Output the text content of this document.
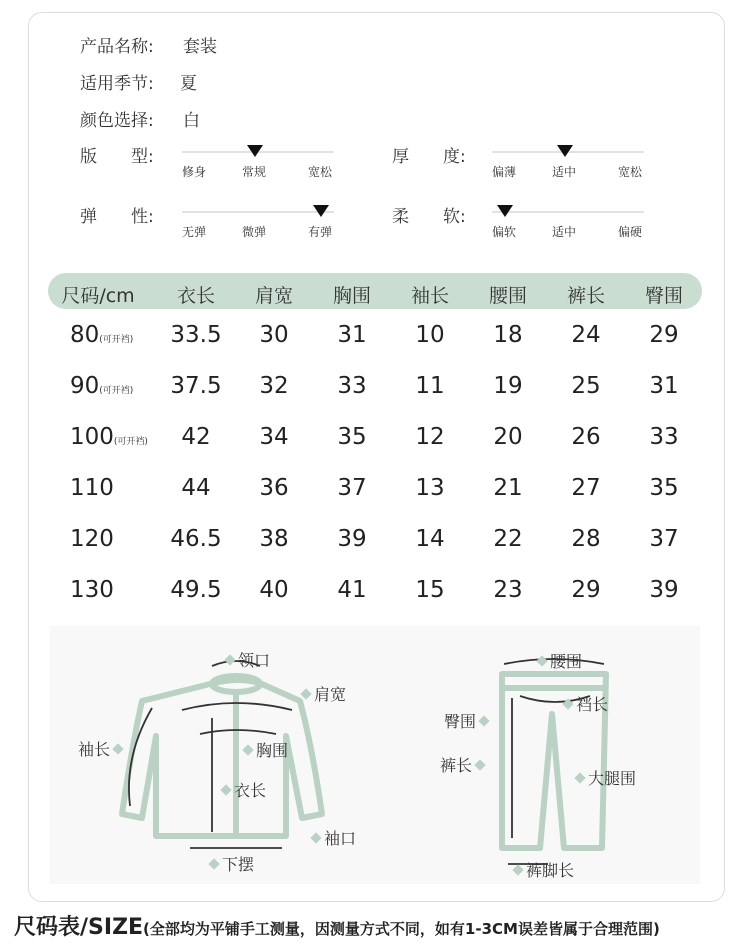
产品名称: 套装
适用季节: 夏
颜色选择: 白
版　　型:
修身	常规	宽松
厚　　度:
偏薄	适中	宽松
弹　　性:
无弹	微弹	有弹
柔　　软:
偏软	适中	偏硬
尺码/cm	衣长	肩宽	胸围	袖长	腰围	裤长	臀围
80(可开裆)	33.5	30	31	10	18	24	29
90(可开裆)	37.5	32	33	11	19	25	31
100(可开裆)	42	34	35	12	20	26	33
110	44	36	37	13	21	27	35
120	46.5	38	39	14	22	28	37
130	49.5	40	41	15	23	29	39
领口
肩宽
袖长	胸围
衣长
袖口
下摆
腰围
裆长
臀围
裤长
大腿围
裤脚长
尺码表/SIZE(全部均为平铺手工测量，因测量方式不同，如有1-3CM误差皆属于合理范围)
